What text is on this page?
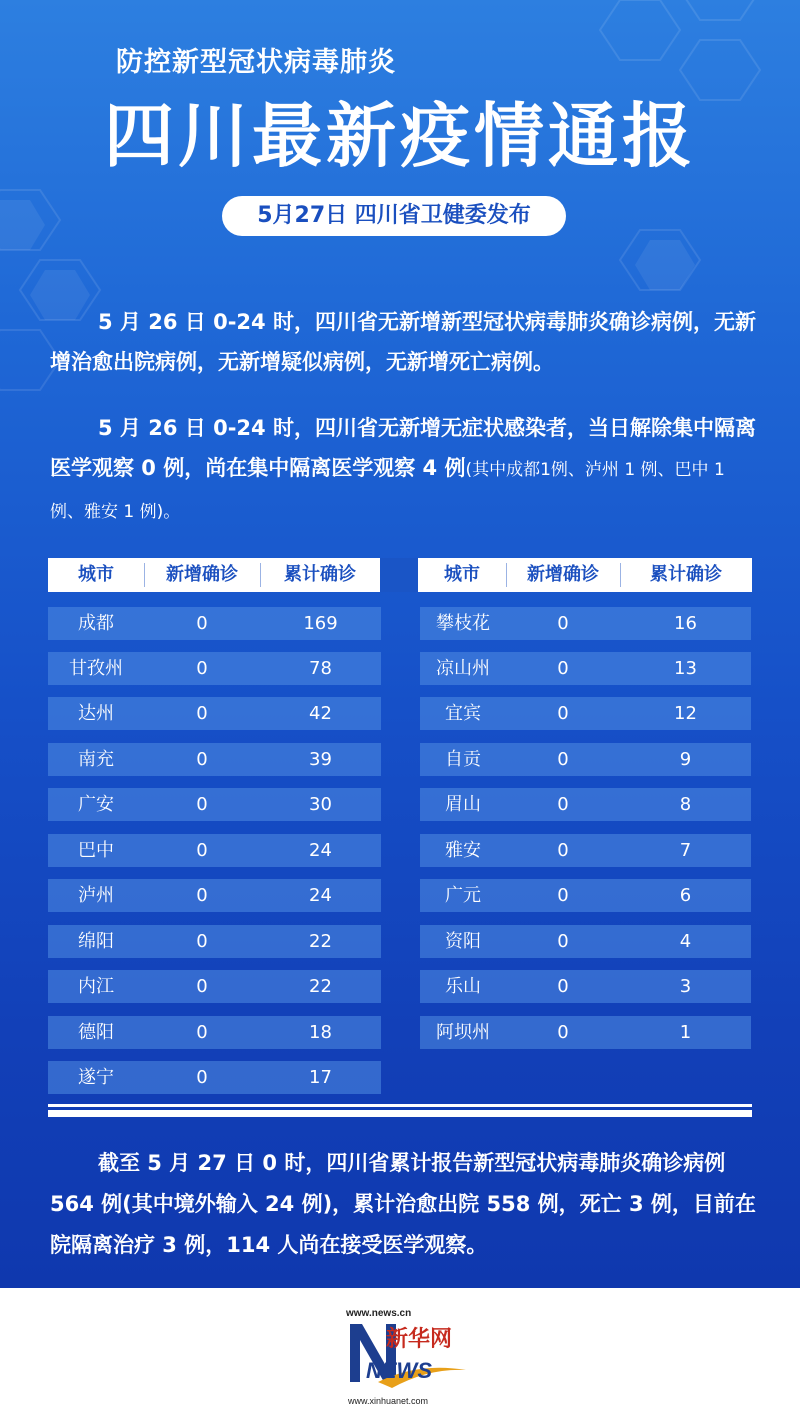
防控新型冠状病毒肺炎
四川最新疫情通报
5月27日 四川省卫健委发布
5 月 26 日 0-24 时，四川省无新增新型冠状病毒肺炎确诊病例，无新增治愈出院病例，无新增疑似病例，无新增死亡病例。
5 月 26 日 0-24 时，四川省无新增无症状感染者，当日解除集中隔离医学观察 0 例，尚在集中隔离医学观察 4 例(其中成都1例、泸州 1 例、巴中 1 例、雅安 1 例)。
城市	新增确诊	累计确诊	城市	新增确诊	累计确诊
成都	0	169
甘孜州	0	78
达州	0	42
南充	0	39
广安	0	30
巴中	0	24
泸州	0	24
绵阳	0	22
内江	0	22
德阳	0	18
遂宁	0	17
攀枝花	0	16
凉山州	0	13
宜宾	0	12
自贡	0	9
眉山	0	8
雅安	0	7
广元	0	6
资阳	0	4
乐山	0	3
阿坝州	0	1
截至 5 月 27 日 0 时，四川省累计报告新型冠状病毒肺炎确诊病例 564 例(其中境外输入 24 例)，累计治愈出院 558 例，死亡 3 例，目前在院隔离治疗 3 例，114 人尚在接受医学观察。
www.news.cn
新华网
NEWS
www.xinhuanet.com
